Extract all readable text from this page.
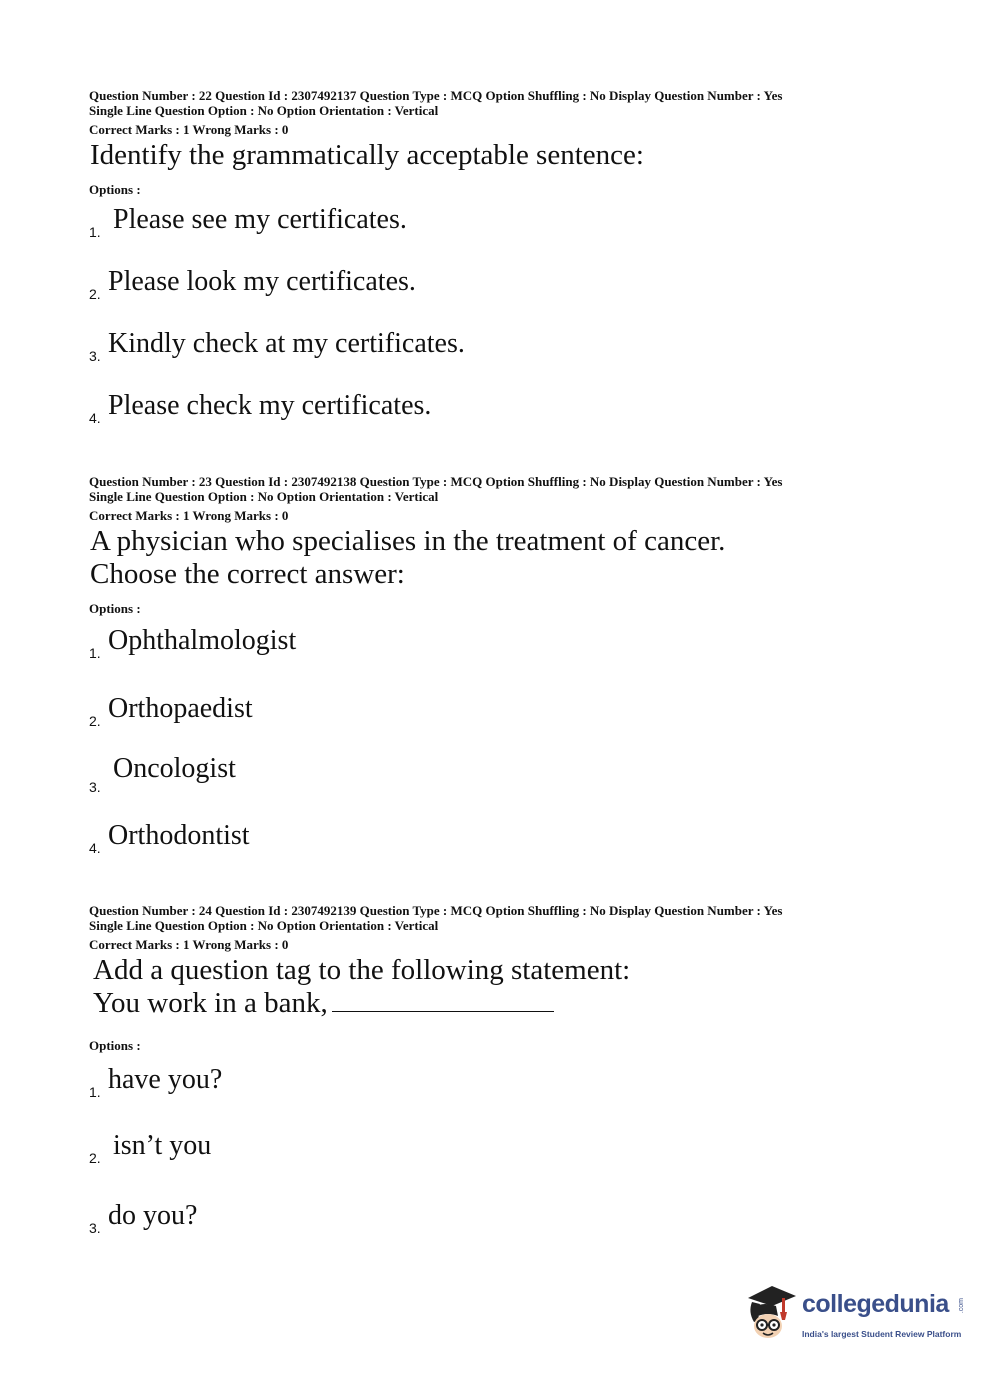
Question Number : 22 Question Id : 2307492137 Question Type : MCQ Option Shuffling : No Display Question Number : Yes
Single Line Question Option : No Option Orientation : Vertical
Correct Marks : 1 Wrong Marks : 0
Identify the grammatically acceptable sentence:
Options :
1. Please see my certificates.
2. Please look my certificates.
3. Kindly check at my certificates.
4. Please check my certificates.
Question Number : 23 Question Id : 2307492138 Question Type : MCQ Option Shuffling : No Display Question Number : Yes
Single Line Question Option : No Option Orientation : Vertical
Correct Marks : 1 Wrong Marks : 0
A physician who specialises in the treatment of cancer.
Choose the correct answer:
Options :
1. Ophthalmologist
2. Orthopaedist
3.
Oncologist
4. Orthodontist
Question Number : 24 Question Id : 2307492139 Question Type : MCQ Option Shuffling : No Display Question Number : Yes
Single Line Question Option : No Option Orientation : Vertical
Correct Marks : 1 Wrong Marks : 0
Add a question tag to the following statement:
You work in a bank,
Options :
1. have you?
2. isn’t you
3. do you?
collegedunia .com
India's largest Student Review Platform
